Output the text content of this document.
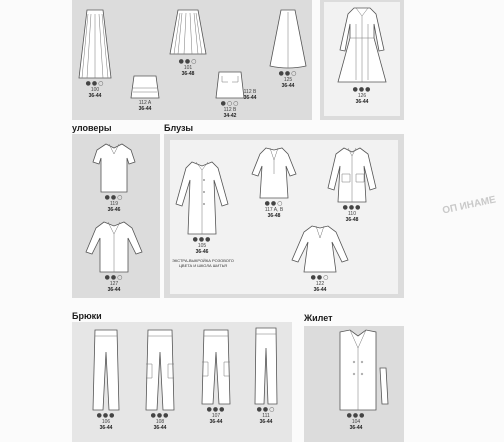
ОП ИНАМЕ
уловеры	Блузы
Брюки	Жилет
●●○
100
36-44
●●○
101
36-48
112 A
36-44
●○○
112 B
34-42
112 B
36-44
●●○
125
36-44	●●●
126
36-44
●●○
119
36-46
●●○
127
36-44
●●●
105
36-46
ЭКСТРА-ВЫКРОЙКА РОЗОВОГО ЦВЕТА И ШКОЛА ШИТЬЯ
●●○
117 A, B
36-48
●●●
110
36-48
●●○
122
36-44
●●●
106
36-44
●●●
108
36-44
●●●
107
36-44
●●○
111
36-44
●●●
104
36-44
